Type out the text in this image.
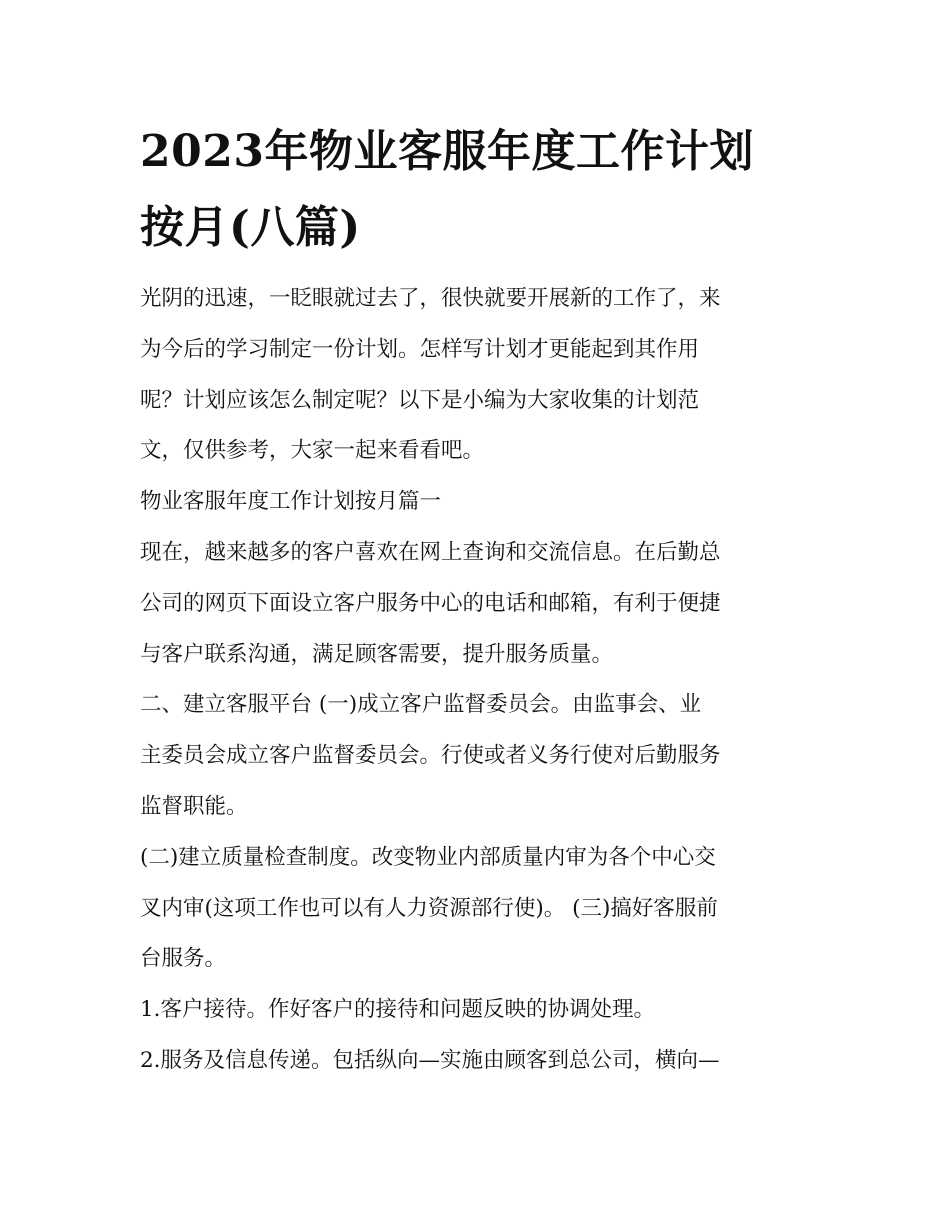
2023年物业客服年度工作计划
按月(八篇)
光阴的迅速，一眨眼就过去了，很快就要开展新的工作了，来
为今后的学习制定一份计划。怎样写计划才更能起到其作用
呢？计划应该怎么制定呢？以下是小编为大家收集的计划范
文，仅供参考，大家一起来看看吧。
物业客服年度工作计划按月篇一
现在，越来越多的客户喜欢在网上查询和交流信息。在后勤总
公司的网页下面设立客户服务中心的电话和邮箱，有利于便捷
与客户联系沟通，满足顾客需要，提升服务质量。
二、建立客服平台 (一)成立客户监督委员会。由监事会、业
主委员会成立客户监督委员会。行使或者义务行使对后勤服务
监督职能。
(二)建立质量检查制度。改变物业内部质量内审为各个中心交
叉内审(这项工作也可以有人力资源部行使)。 (三)搞好客服前
台服务。
1.客户接待。作好客户的接待和问题反映的协调处理。
2.服务及信息传递。包括纵向—实施由顾客到总公司，横向—
